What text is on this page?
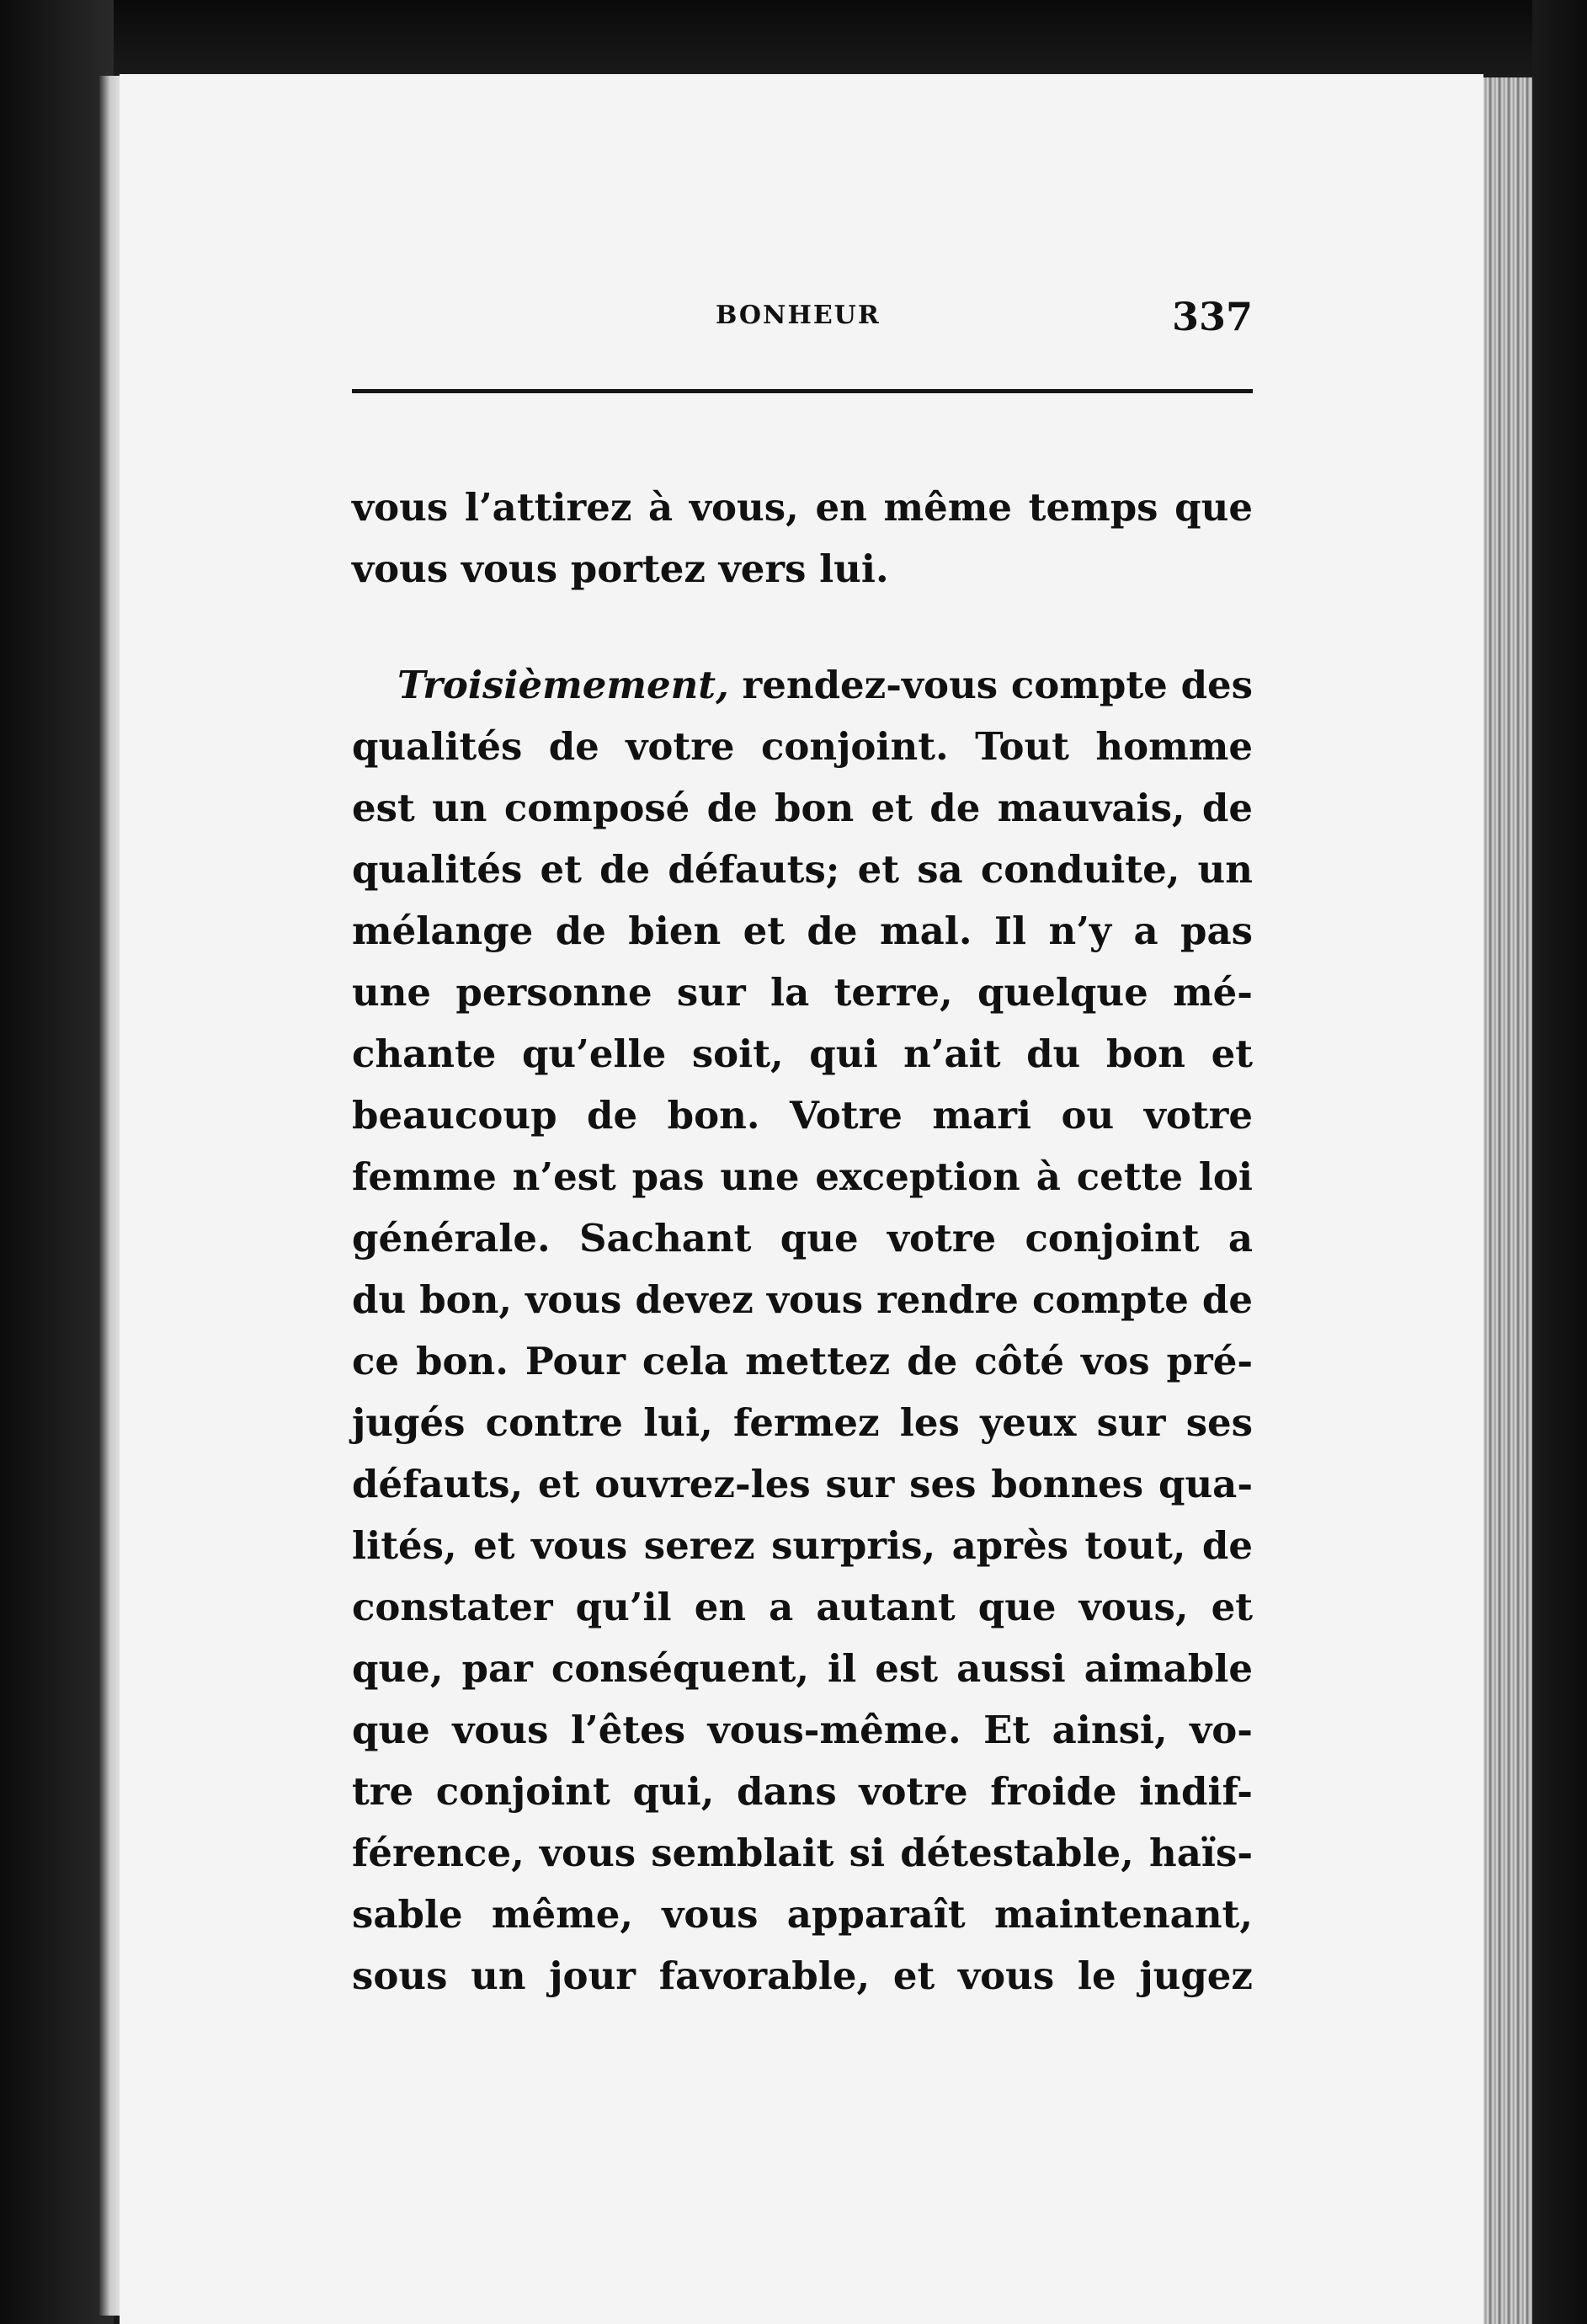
BONHEUR	337
vous l’attirez à vous, en même temps que
vous vous portez vers lui.
Troisièmement, rendez-vous compte des
qualités de votre conjoint. Tout homme
est un composé de bon et de mauvais, de
qualités et de défauts; et sa conduite, un
mélange de bien et de mal. Il n’y a pas
une personne sur la terre, quelque mé-
chante qu’elle soit, qui n’ait du bon et
beaucoup de bon. Votre mari ou votre
femme n’est pas une exception à cette loi
générale. Sachant que votre conjoint a
du bon, vous devez vous rendre compte de
ce bon. Pour cela mettez de côté vos pré-
jugés contre lui, fermez les yeux sur ses
défauts, et ouvrez-les sur ses bonnes qua-
lités, et vous serez surpris, après tout, de
constater qu’il en a autant que vous, et
que, par conséquent, il est aussi aimable
que vous l’êtes vous-même. Et ainsi, vo-
tre conjoint qui, dans votre froide indif-
férence, vous semblait si détestable, haïs-
sable même, vous apparaît maintenant,
sous un jour favorable, et vous le jugez
